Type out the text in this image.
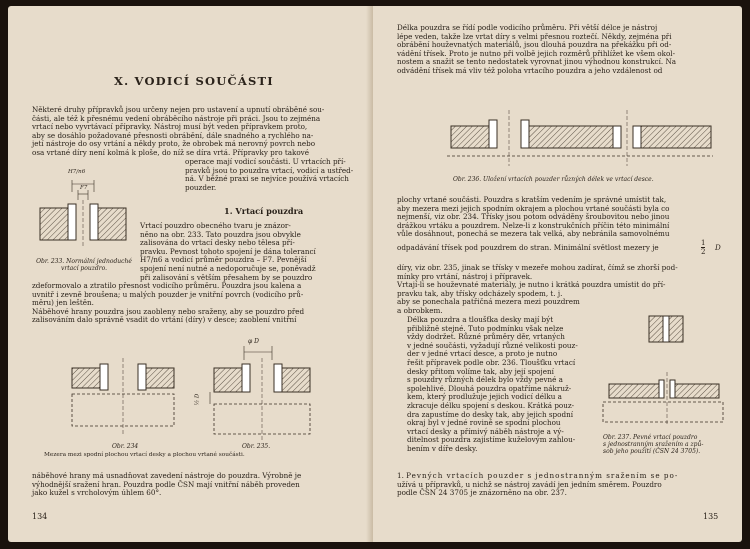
X. VODICÍ SOUČÁSTI

Některé druhy přípravků jsou určeny nejen pro ustavení a upnutí obráběné sou-
části, ale též k přesnému vedení obráběcího nástroje při práci. Jsou to zejména
vrtací nebo vyvrtávací přípravky. Nástroj musí být veden přípravkem proto,
aby se dosáhlo požadované přesnosti obrábění, dále snadného a rychlého na-
jetí nástroje do osy vrtání a někdy proto, že obrobek má nerovný povrch nebo
osa vrtané díry není kolmá k ploše, do níž se díra vrtá. Přípravky pro takové

operace mají vodicí součásti. U vrtacích pří-
pravků jsou to pouzdra vrtací, vodicí a ustřed-
ná. V běžné praxi se nejvíce používá vrtacích
pouzder.

1. Vrtací pouzdra

Vrtací pouzdro obecného tvaru je znázor-
něno na obr. 233. Tato pouzdra jsou obvykle
zalisována do vrtací desky nebo tělesa pří-
pravku. Pevnost tohoto spojení je dána tolerancí
H7/n6 a vodicí průměr pouzdra – F7. Pevnější
spojení není nutné a nedoporučuje se, poněvadž
při zalisování s větším přesahem by se pouzdro

H7/n6

F7

Obr. 233. Normální jednoduché
vrtací pouzdro.

zdeformovalo a ztratilo přesnost vodicího průměru. Pouzdra jsou kalena a
uvnitř i zevně broušena; u malých pouzder je vnitřní povrch (vodicího prů-
měru) jen leštěn.
Náběhové hrany pouzdra jsou zaobleny nebo sraženy, aby se pouzdro před
zalisováním dalo správně vsadit do vrtání (díry) v desce; zaoblení vnitřní

Obr. 234

φ D

½ D

Obr. 235.

Mezera mezi spodní plochou vrtací desky a plochou vrtané součásti.

náběhové hrany má usnadňovat zavedení nástroje do pouzdra. Výrobně je
výhodnější sražení hran. Pouzdra podle ČSN mají vnitřní náběh proveden
jako kužel s vrcholovým úhlem 60°.

134

Délka pouzdra se řídí podle vodicího průměru. Při větší délce je nástroj
lépe veden, takže lze vrtat díry s velmi přesnou roztečí. Někdy, zejména při
obrábění houževnatých materiálů, jsou dlouhá pouzdra na překážku při od-
vádění třísek. Proto je nutno při volbě jejich rozměrů přihlížet ke všem okol-
nostem a snažit se tento nedostatek vyrovnat jinou výhodnou konstrukcí. Na
odvádění třísek má vliv též poloha vrtacího pouzdra a jeho vzdálenost od

Obr. 236. Uložení vrtacích pouzder různých délek ve vrtací desce.

plochy vrtané součásti. Pouzdra s kratším vedením je správné umístit tak,
aby mezera mezi jejich spodním okrajem a plochou vrtané součásti byla co
nejmenší, viz obr. 234. Třísky jsou potom odváděny šroubovitou nebo jinou
drážkou vrtáku a pouzdrem. Nelze-li z konstrukčních příčin této minimální
vůle dosáhnout, ponechá se mezera tak velká, aby nebránila samovolnému

odpadávání třísek pod pouzdrem do stran. Minimální světlost mezery je	$\frac{1}{2}$ D

díry, viz obr. 235, jinak se třísky v mezeře mohou zadírat, čímž se zhorší pod-
mínky pro vrtání, nástroj i přípravek.
Vrtají-li se houževnaté materiály, je nutno i krátká pouzdra umístit do pří-
pravku tak, aby třísky odcházely spodem, t. j.
aby se ponechala patřičná mezera mezi pouzdrem
a obrobkem.

Délka pouzdra a tloušťka desky mají být
přibližně stejné. Tuto podmínku však nelze
vždy dodržet. Různé průměry děr, vrtaných
v jedné součásti, vyžadují různé velikosti pouz-
der v jedné vrtací desce, a proto je nutno
řešit přípravek podle obr. 236. Tloušťku vrtací
desky přitom volíme tak, aby její spojení
s pouzdry různých délek bylo vždy pevné a
spolehlivé. Dlouhá pouzdra opatříme nákruž-
kem, který prodlužuje jejich vodicí délku a
zkracuje délku spojení s deskou. Krátká pouz-
dra zapustíme do desky tak, aby jejich spodní
okraj byl v jedné rovině se spodní plochou
vrtací desky a přímivý náběh nástroje a vý-
ditelnost pouzdra zajistíme kuželovým zahlou-
bením v díře desky.

Obr. 237. Pevné vrtací pouzdro
s jednostranným sražením a způ-
sob jeho použití (ČSN 24 3705).

1. Pevných vrtacích pouzder s jednostranným sražením se po-
užívá u přípravků, u nichž se nástroj zavádí jen jedním směrem. Pouzdro
podle ČSN 24 3705 je znázorněno na obr. 237.

135
